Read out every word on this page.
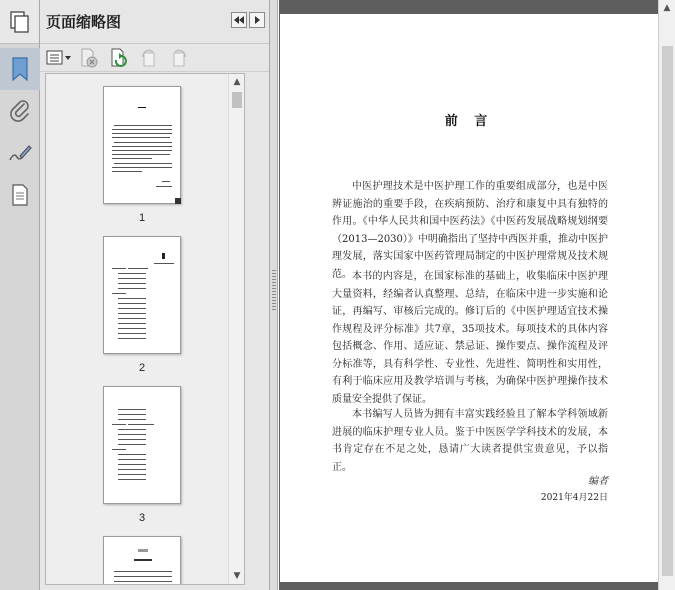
页面缩略图
1
2
3
▲
▼
前 言

中医护理技术是中医护理工作的重要组成部分，也是中医辨证施治的重要手段，在疾病预防、治疗和康复中具有独特的作用。《中华人民共和国中医药法》《中医药发展战略规划纲要（2013—2030）》中明确指出了坚持中西医并重，推动中医护理发展，落实国家中医药管理局制定的中医护理常规及技术规范。 本书的内容是，在国家标准的基础上，收集临床中医护理大量资料，经编者认真整理、总结，在临床中进一步实施和论证，再编写、审核后完成的。修订后的《中医护理适宜技术操作规程及评分标准》共7章，35项技术。每项技术的具体内容包括概念、作用、适应证、禁忌证、操作要点、操作流程及评分标准等，具有科学性、专业性、先进性、简明性和实用性，有利于临床应用及教学培训与考核，为确保中医护理操作技术质量安全提供了保证。

本书编写人员皆为拥有丰富实践经验且了解本学科领域新进展的临床护理专业人员。鉴于中医医学学科技术的发展，本书肯定存在不足之处，恳请广大读者提供宝贵意见，予以指正。

编者
2021年4月22日
▲
